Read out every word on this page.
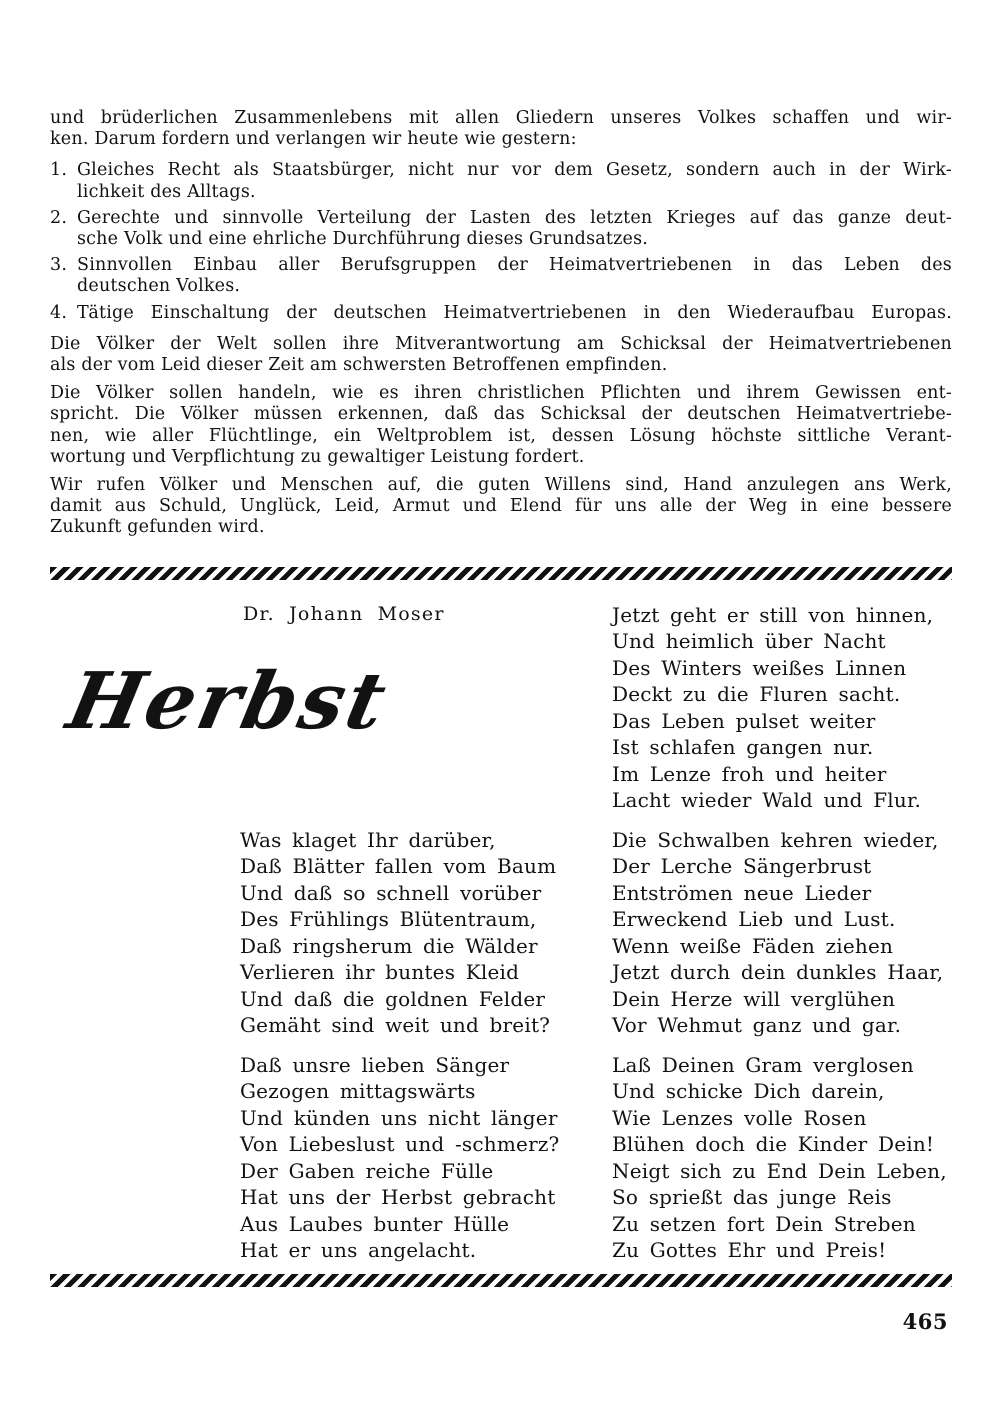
und brüderlichen Zusammenlebens mit allen Gliedern unseres Volkes schaffen und wir-
ken. Darum fordern und verlangen wir heute wie gestern:
1. Gleiches Recht als Staatsbürger, nicht nur vor dem Gesetz, sondern auch in der Wirk-
lichkeit des Alltags.
2. Gerechte und sinnvolle Verteilung der Lasten des letzten Krieges auf das ganze deut-
sche Volk und eine ehrliche Durchführung dieses Grundsatzes.
3. Sinnvollen Einbau aller Berufsgruppen der Heimatvertriebenen in das Leben des
deutschen Volkes.
4. Tätige Einschaltung der deutschen Heimatvertriebenen in den Wiederaufbau Europas.
Die Völker der Welt sollen ihre Mitverantwortung am Schicksal der Heimatvertriebenen
als der vom Leid dieser Zeit am schwersten Betroffenen empfinden.
Die Völker sollen handeln, wie es ihren christlichen Pflichten und ihrem Gewissen ent-
spricht. Die Völker müssen erkennen, daß das Schicksal der deutschen Heimatvertriebe-
nen, wie aller Flüchtlinge, ein Weltproblem ist, dessen Lösung höchste sittliche Verant-
wortung und Verpflichtung zu gewaltiger Leistung fordert.
Wir rufen Völker und Menschen auf, die guten Willens sind, Hand anzulegen ans Werk,
damit aus Schuld, Unglück, Leid, Armut und Elend für uns alle der Weg in eine bessere
Zukunft gefunden wird.
Dr. Johann Moser
Herbst
Jetzt geht er still von hinnen,
Und heimlich über Nacht
Des Winters weißes Linnen
Deckt zu die Fluren sacht.
Das Leben pulset weiter
Ist schlafen gangen nur.
Im Lenze froh und heiter
Lacht wieder Wald und Flur.
Was klaget Ihr darüber,
Daß Blätter fallen vom Baum
Und daß so schnell vorüber
Des Frühlings Blütentraum,
Daß ringsherum die Wälder
Verlieren ihr buntes Kleid
Und daß die goldnen Felder
Gemäht sind weit und breit?
Die Schwalben kehren wieder,
Der Lerche Sängerbrust
Entströmen neue Lieder
Erweckend Lieb und Lust.
Wenn weiße Fäden ziehen
Jetzt durch dein dunkles Haar,
Dein Herze will verglühen
Vor Wehmut ganz und gar.
Daß unsre lieben Sänger
Gezogen mittagswärts
Und künden uns nicht länger
Von Liebeslust und -schmerz?
Der Gaben reiche Fülle
Hat uns der Herbst gebracht
Aus Laubes bunter Hülle
Hat er uns angelacht.
Laß Deinen Gram verglosen
Und schicke Dich darein,
Wie Lenzes volle Rosen
Blühen doch die Kinder Dein!
Neigt sich zu End Dein Leben,
So sprießt das junge Reis
Zu setzen fort Dein Streben
Zu Gottes Ehr und Preis!
465
